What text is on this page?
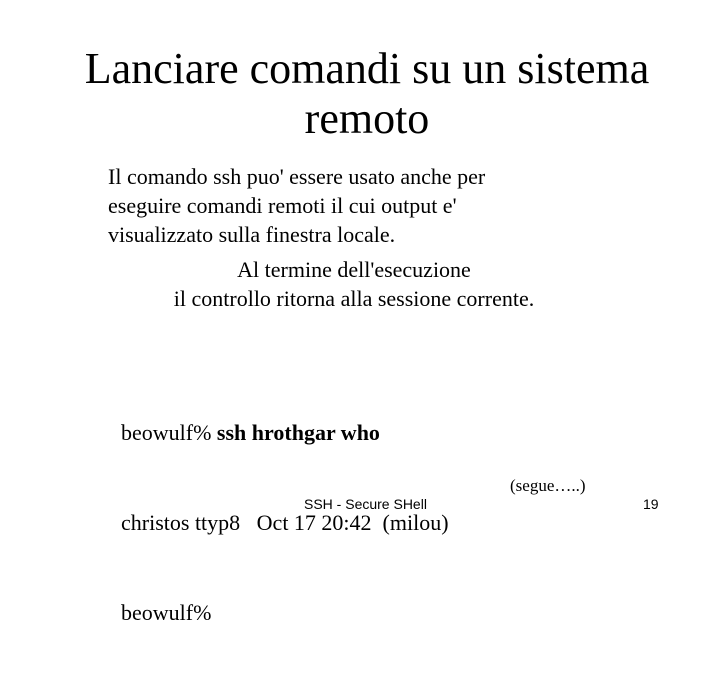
Lanciare comandi su un sistema
remoto
Il comando ssh puo' essere usato anche per
eseguire comandi remoti il cui output e'
visualizzato sulla finestra locale.
Al termine dell'esecuzione
il controllo ritorna alla sessione corrente.

beowulf% ssh hrothgar who

christos ttyp8   Oct 17 20:42  (milou)

beowulf%

(segue…..)
SSH - Secure SHell	19
